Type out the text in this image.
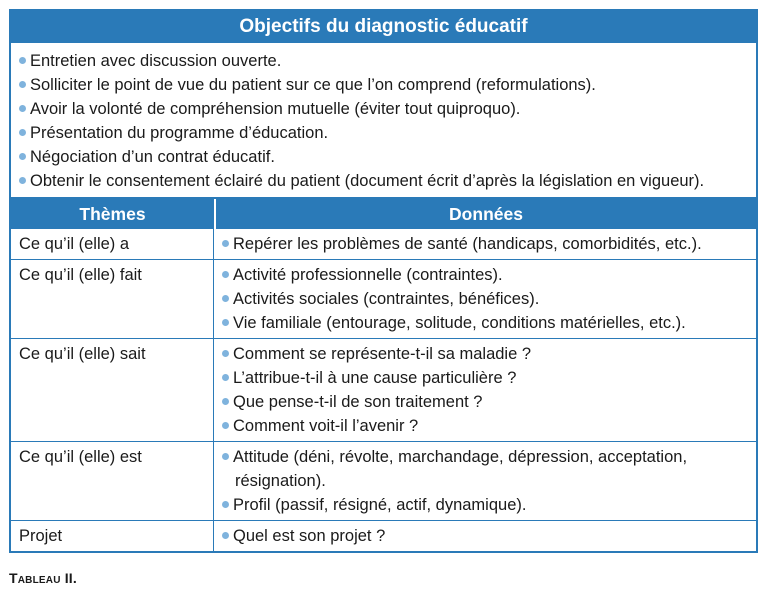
Objectifs du diagnostic éducatif
Entretien avec discussion ouverte.
Solliciter le point de vue du patient sur ce que l’on comprend (reformulations).
Avoir la volonté de compréhension mutuelle (éviter tout quiproquo).
Présentation du programme d’éducation.
Négociation d’un contrat éducatif.
Obtenir le consentement éclairé du patient (document écrit d’après la législation en vigueur).
Thèmes	Données
Ce qu’il (elle) a	Repérer les problèmes de santé (handicaps, comorbidités, etc.).
Ce qu’il (elle) fait	Activité professionnelle (contraintes).
Activités sociales (contraintes, bénéfices).
Vie familiale (entourage, solitude, conditions matérielles, etc.).
Ce qu’il (elle) sait	Comment se représente-t-il sa maladie ?
L’attribue-t-il à une cause particulière ?
Que pense-t-il de son traitement ?
Comment voit-il l’avenir ?
Ce qu’il (elle) est	Attitude (déni, révolte, marchandage, dépression, acceptation, résignation).
Profil (passif, résigné, actif, dynamique).
Projet	Quel est son projet ?
Tableau II.
